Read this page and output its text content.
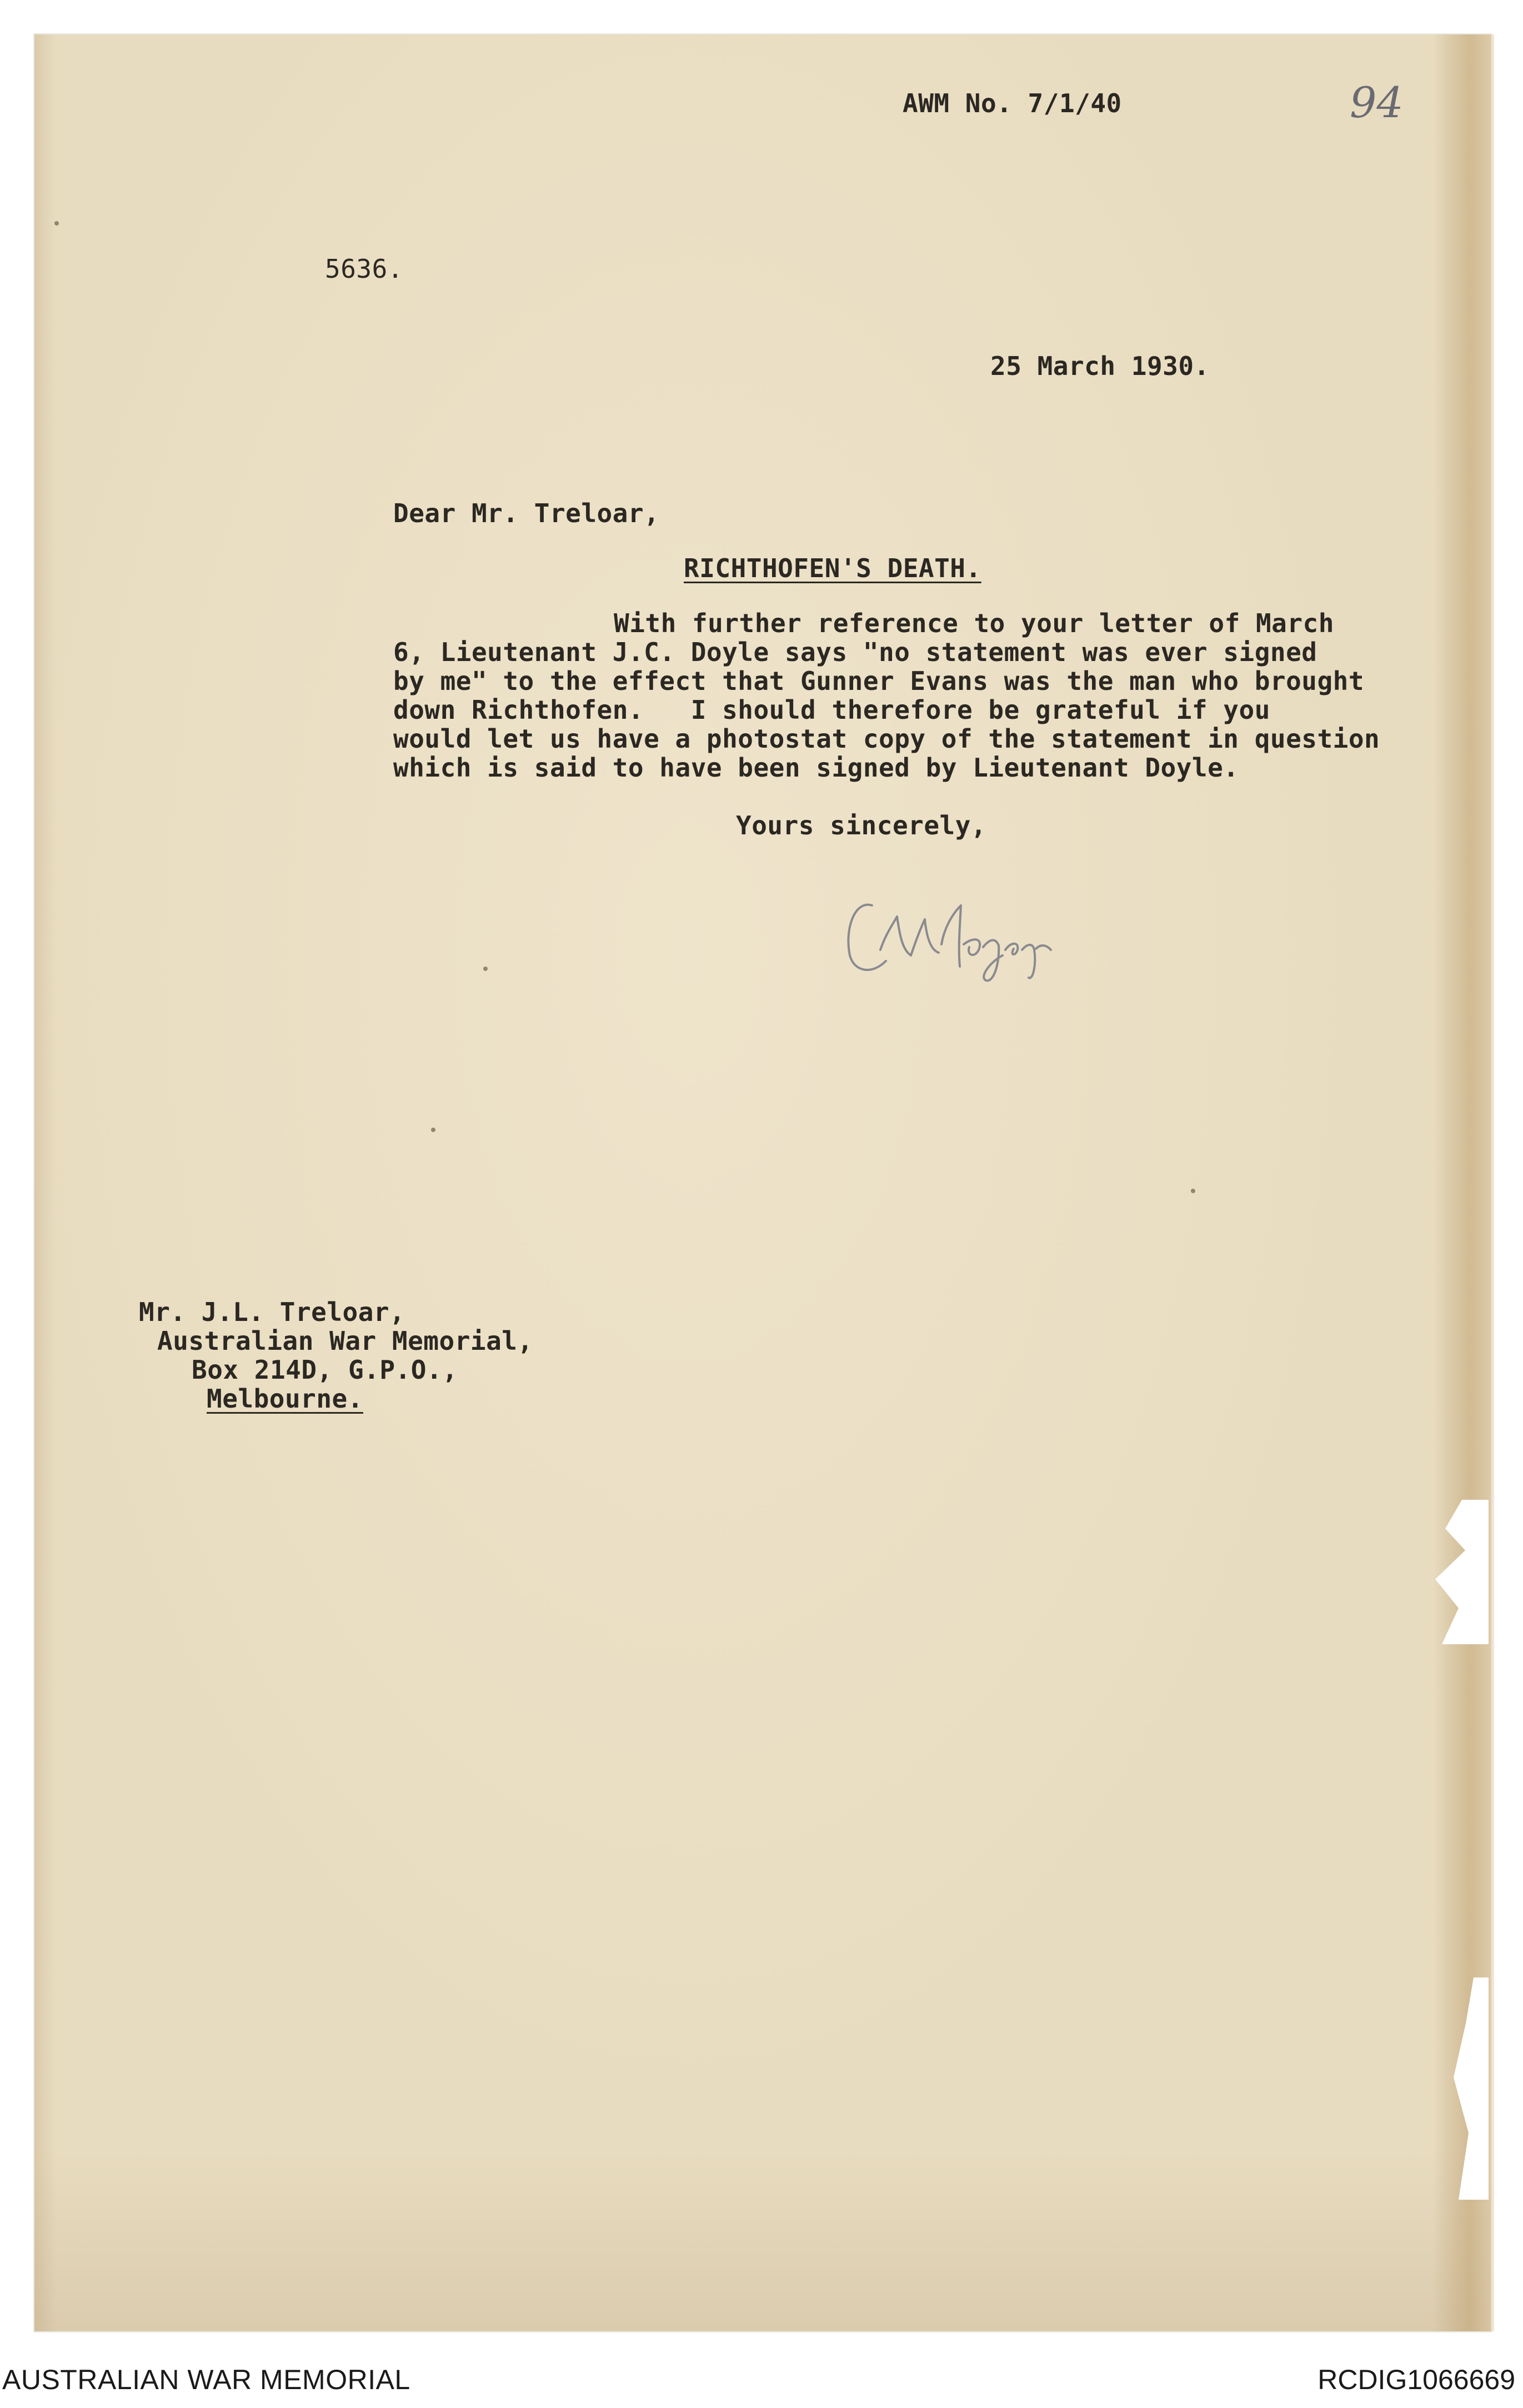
AWM No. 7/1/40	94
5636.
25 March 1930.
Dear Mr. Treloar,
RICHTHOFEN'S DEATH.
With further reference to your letter of March
6, Lieutenant J.C. Doyle says "no statement was ever signed
by me" to the effect that Gunner Evans was the man who brought
down Richthofen.   I should therefore be grateful if you
would let us have a photostat copy of the statement in question
which is said to have been signed by Lieutenant Doyle.
Yours sincerely,
Mr. J.L. Treloar,
Australian War Memorial,
Box 214D, G.P.O.,
Melbourne.
AUSTRALIAN WAR MEMORIAL	RCDIG1066669
